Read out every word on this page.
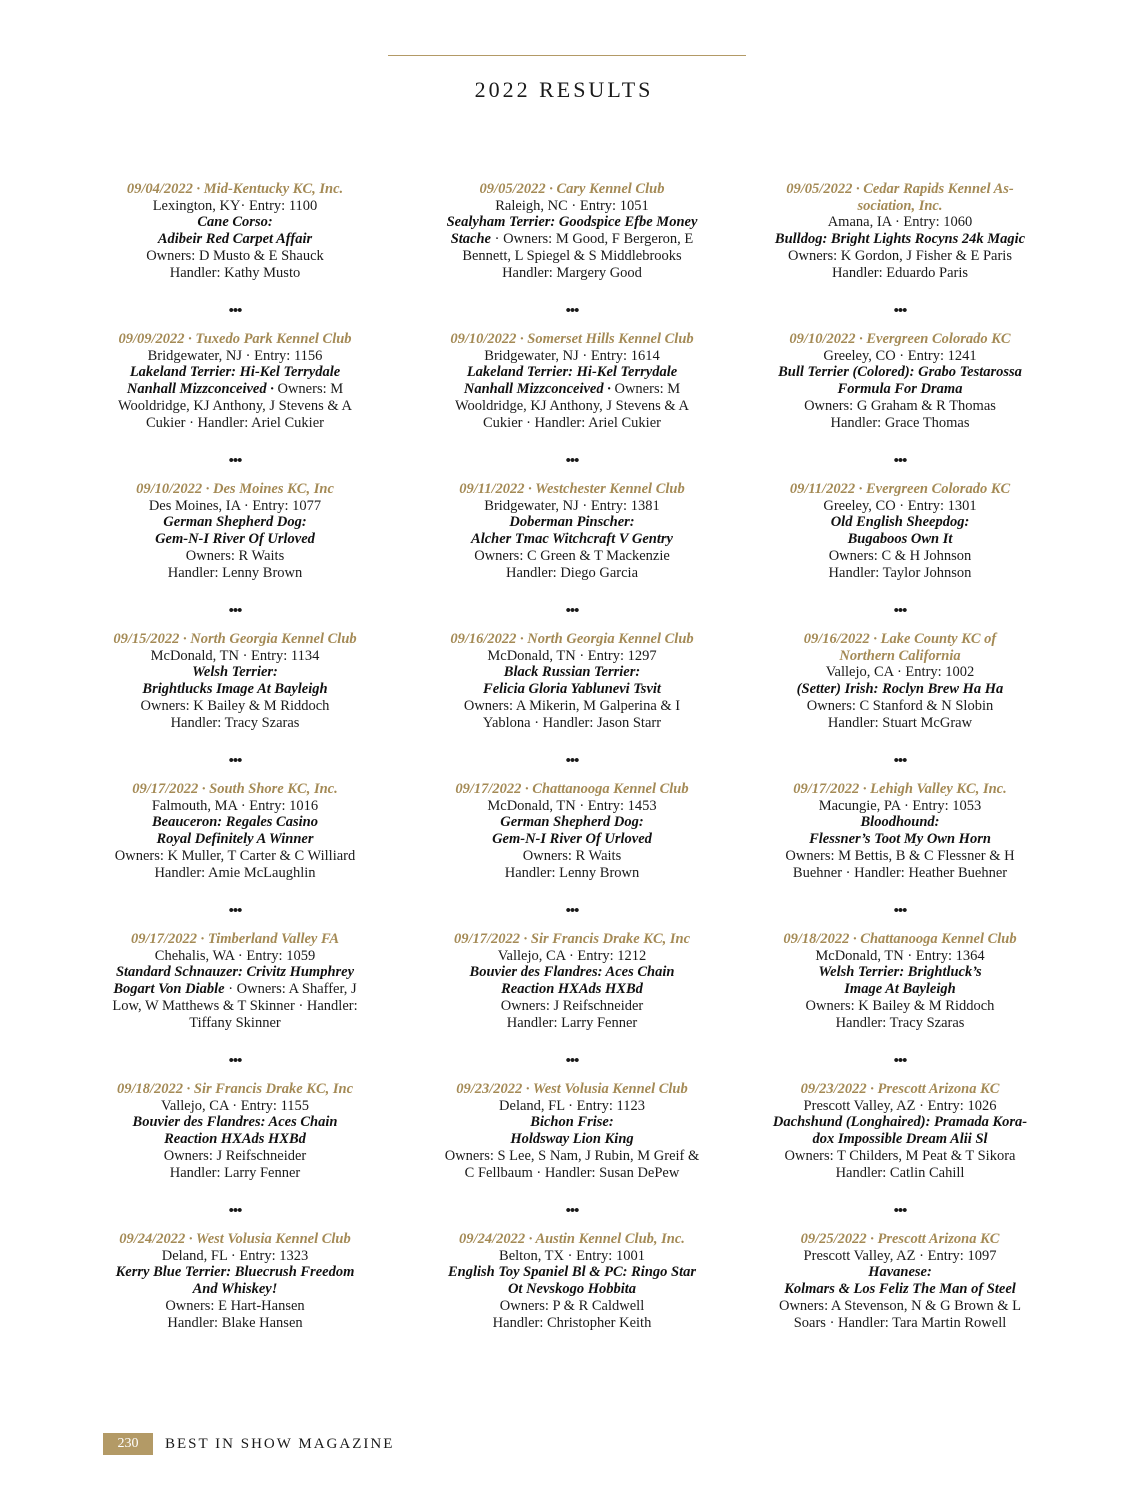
2022 RESULTS
09/04/2022 · Mid-Kentucky KC, Inc.
Lexington, KY· Entry: 1100
Cane Corso:
Adibeir Red Carpet Affair
Owners: D Musto & E Shauck
Handler: Kathy Musto
•••
09/09/2022 · Tuxedo Park Kennel Club
Bridgewater, NJ · Entry: 1156
Lakeland Terrier: Hi-Kel Terrydale
Nanhall Mizzconceived · Owners: M
Wooldridge, KJ Anthony, J Stevens & A
Cukier · Handler: Ariel Cukier
•••
09/10/2022 · Des Moines KC, Inc
Des Moines, IA · Entry: 1077
German Shepherd Dog:
Gem-N-I River Of Urloved
Owners: R Waits
Handler: Lenny Brown
•••
09/15/2022 · North Georgia Kennel Club
McDonald, TN · Entry: 1134
Welsh Terrier:
Brightlucks Image At Bayleigh
Owners: K Bailey & M Riddoch
Handler: Tracy Szaras
•••
09/17/2022 · South Shore KC, Inc.
Falmouth, MA · Entry: 1016
Beauceron: Regales Casino
Royal Definitely A Winner
Owners: K Muller, T Carter & C Williard
Handler: Amie McLaughlin
•••
09/17/2022 · Timberland Valley FA
Chehalis, WA · Entry: 1059
Standard Schnauzer: Crivitz Humphrey
Bogart Von Diable · Owners: A Shaffer, J
Low, W Matthews & T Skinner · Handler:
Tiffany Skinner
•••
09/18/2022 · Sir Francis Drake KC, Inc
Vallejo, CA · Entry: 1155
Bouvier des Flandres: Aces Chain
Reaction HXAds HXBd
Owners: J Reifschneider
Handler: Larry Fenner
•••
09/24/2022 · West Volusia Kennel Club
Deland, FL · Entry: 1323
Kerry Blue Terrier: Bluecrush Freedom
And Whiskey!
Owners: E Hart-Hansen
Handler: Blake Hansen
09/05/2022 · Cary Kennel Club
Raleigh, NC · Entry: 1051
Sealyham Terrier: Goodspice Efbe Money
Stache · Owners: M Good, F Bergeron, E
Bennett, L Spiegel & S Middlebrooks
Handler: Margery Good
•••
09/10/2022 · Somerset Hills Kennel Club
Bridgewater, NJ · Entry: 1614
Lakeland Terrier: Hi-Kel Terrydale
Nanhall Mizzconceived · Owners: M
Wooldridge, KJ Anthony, J Stevens & A
Cukier · Handler: Ariel Cukier
•••
09/11/2022 · Westchester Kennel Club
Bridgewater, NJ · Entry: 1381
Doberman Pinscher:
Alcher Tmac Witchcraft V Gentry
Owners: C Green & T Mackenzie
Handler: Diego Garcia
•••
09/16/2022 · North Georgia Kennel Club
McDonald, TN · Entry: 1297
Black Russian Terrier:
Felicia Gloria Yablunevi Tsvit
Owners: A Mikerin, M Galperina & I
Yablona · Handler: Jason Starr
•••
09/17/2022 · Chattanooga Kennel Club
McDonald, TN · Entry: 1453
German Shepherd Dog:
Gem-N-I River Of Urloved
Owners: R Waits
Handler: Lenny Brown
•••
09/17/2022 · Sir Francis Drake KC, Inc
Vallejo, CA · Entry: 1212
Bouvier des Flandres: Aces Chain
Reaction HXAds HXBd
Owners: J Reifschneider
Handler: Larry Fenner
•••
09/23/2022 · West Volusia Kennel Club
Deland, FL · Entry: 1123
Bichon Frise:
Holdsway Lion King
Owners: S Lee, S Nam, J Rubin, M Greif &
C Fellbaum · Handler: Susan DePew
•••
09/24/2022 · Austin Kennel Club, Inc.
Belton, TX · Entry: 1001
English Toy Spaniel Bl & PC: Ringo Star
Ot Nevskogo Hobbita
Owners: P & R Caldwell
Handler: Christopher Keith
09/05/2022 · Cedar Rapids Kennel As-
sociation, Inc.
Amana, IA · Entry: 1060
Bulldog: Bright Lights Rocyns 24k Magic
Owners: K Gordon, J Fisher & E Paris
Handler: Eduardo Paris
•••
09/10/2022 · Evergreen Colorado KC
Greeley, CO · Entry: 1241
Bull Terrier (Colored): Grabo Testarossa
Formula For Drama
Owners: G Graham & R Thomas
Handler: Grace Thomas
•••
09/11/2022 · Evergreen Colorado KC
Greeley, CO · Entry: 1301
Old English Sheepdog:
Bugaboos Own It
Owners: C & H Johnson
Handler: Taylor Johnson
•••
09/16/2022 · Lake County KC of
Northern California
Vallejo, CA · Entry: 1002
(Setter) Irish: Roclyn Brew Ha Ha
Owners: C Stanford & N Slobin
Handler: Stuart McGraw
•••
09/17/2022 · Lehigh Valley KC, Inc.
Macungie, PA · Entry: 1053
Bloodhound:
Flessner’s Toot My Own Horn
Owners: M Bettis, B & C Flessner & H
Buehner · Handler: Heather Buehner
•••
09/18/2022 · Chattanooga Kennel Club
McDonald, TN · Entry: 1364
Welsh Terrier: Brightluck’s
Image At Bayleigh
Owners: K Bailey & M Riddoch
Handler: Tracy Szaras
•••
09/23/2022 · Prescott Arizona KC
Prescott Valley, AZ · Entry: 1026
Dachshund (Longhaired): Pramada Kora-
dox Impossible Dream Alii Sl
Owners: T Childers, M Peat & T Sikora
Handler: Catlin Cahill
•••
09/25/2022 · Prescott Arizona KC
Prescott Valley, AZ · Entry: 1097
Havanese:
Kolmars & Los Feliz The Man of Steel
Owners: A Stevenson, N & G Brown & L
Soars · Handler: Tara Martin Rowell
230	BEST IN SHOW MAGAZINE
